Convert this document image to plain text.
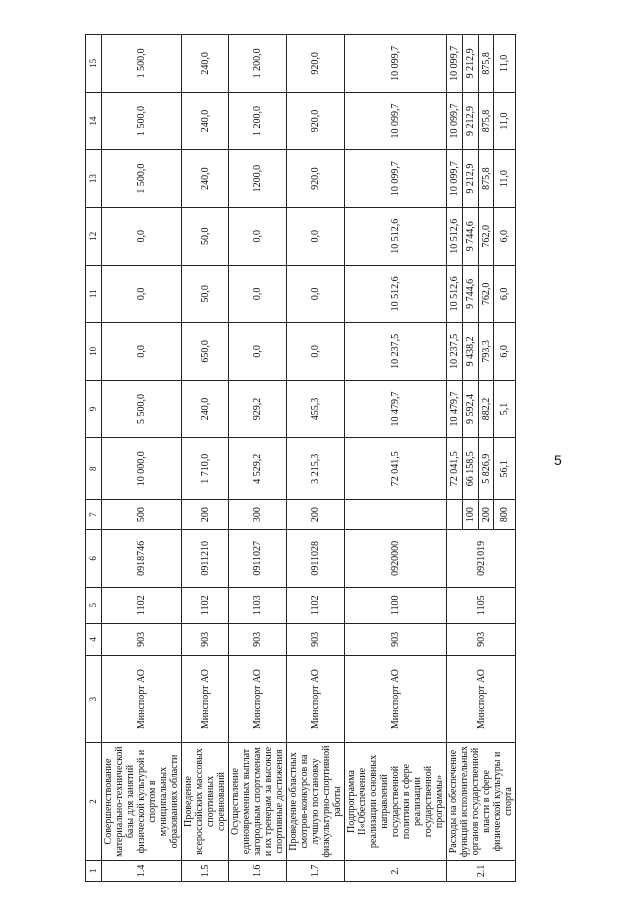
5
1	2	3	4	5	6	7	8	9	10	11	12	13	14	15
1.4	Совершенствование материально-технической базы для занятий физической культурой и спортом в муниципальных образованиях области	Минспорт АО	903	1102	0918746	500	10 000,0	5 500,0	0,0	0,0	0,0	1 500,0	1 500,0	1 500,0
1.5	Проведение всероссийских массовых спортивных соревнований	Минспорт АО	903	1102	0911210	200	1 710,0	240,0	650,0	50,0	50,0	240,0	240,0	240,0
1.6	Осуществление единовременных выплат загородным спортсменам и их тренерам за высокие спортивные достижения	Минспорт АО	903	1103	0911027	300	4 529,2	929,2	0,0	0,0	0,0	1200,0	1 200,0	1 200,0
1.7	Проведение областных смотров-конкурсов на лучшую постановку физкультурно-спортивной работы	Минспорт АО	903	1102	0911028	200	3 215,3	455,3	0,0	0,0	0,0	920,0	920,0	920,0
2.	Подпрограмма II«Обеспечение реализации основных направлений государственной политики в сфере реализации государственной программы»	Минспорт АО	903	1100	0920000		72 041,5	10 479,7	10 237,5	10 512,6	10 512,6	10 099,7	10 099,7	10 099,7
2.1	Расходы на обеспечение функций исполнительных органов государственной власти в сфере физической культуры и спорта	Минспорт АО	903	1105	0921019		72 041,5	10 479,7	10 237,5	10 512,6	10 512,6	10 099,7	10 099,7	10 099,7
						100	66 158,5	9 592,4	9 438,2	9 744,6	9 744,6	9 212,9	9 212,9	9 212,9
						200	5 826,9	882,2	793,3	762,0	762,0	875,8	875,8	875,8
						800	56,1	5,1	6,0	6,0	6,0	11,0	11,0	11,0
